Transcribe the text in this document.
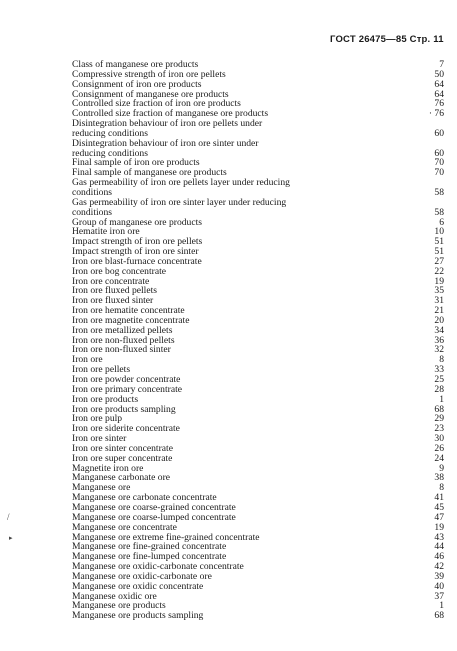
ГОСТ 26475—85 Стр. 11
/
▸
Class of manganese ore products	7
Compressive strength of iron ore pellets	50
Consignment of iron ore products	64
Consignment of manganese ore products	64
Controlled size fraction of iron ore products	76
Controlled size fraction of manganese ore products	· 76
Disintegration behaviour of iron ore pellets under
reducing conditions	60
Disintegration behaviour of iron ore sinter under
reducing conditions	60
Final sample of iron ore products	70
Final sample of manganese ore products	70
Gas permeability of iron ore pellets layer under reducing
conditions	58
Gas permeability of iron ore sinter layer under reducing
conditions	58
Group of manganese ore products	6
Hematite iron ore	10
Impact strength of iron ore pellets	51
Impact strength of iron ore sinter	51
Iron ore blast-furnace concentrate	27
Iron ore bog concentrate	22
Iron ore concentrate	19
Iron ore fluxed pellets	35
Iron ore fluxed sinter	31
Iron ore hematite concentrate	21
Iron ore magnetite concentrate	20
Iron ore metallized pellets	34
Iron ore non-fluxed pellets	36
Iron ore non-fluxed sinter	32
Iron ore	8
Iron ore pellets	33
Iron ore powder concentrate	25
Iron ore primary concentrate	28
Iron ore products	1
Iron ore products sampling	68
Iron ore pulp	29
Iron ore siderite concentrate	23
Iron ore sinter	30
Iron ore sinter concentrate	26
Iron ore super concentrate	24
Magnetite iron ore	9
Manganese carbonate ore	38
Manganese ore	8
Manganese ore carbonate concentrate	41
Manganese ore coarse-grained concentrate	45
Manganese ore coarse-lumped concentrate	47
Manganese ore concentrate	19
Manganese ore extreme fine-grained concentrate	43
Manganese ore fine-grained concentrate	44
Manganese ore fine-lumped concentrate	46
Manganese ore oxidic-carbonate concentrate	42
Manganese ore oxidic-carbonate ore	39
Manganese ore oxidic concentrate	40
Manganese oxidic ore	37
Manganese ore products	1
Manganese ore products sampling	68
